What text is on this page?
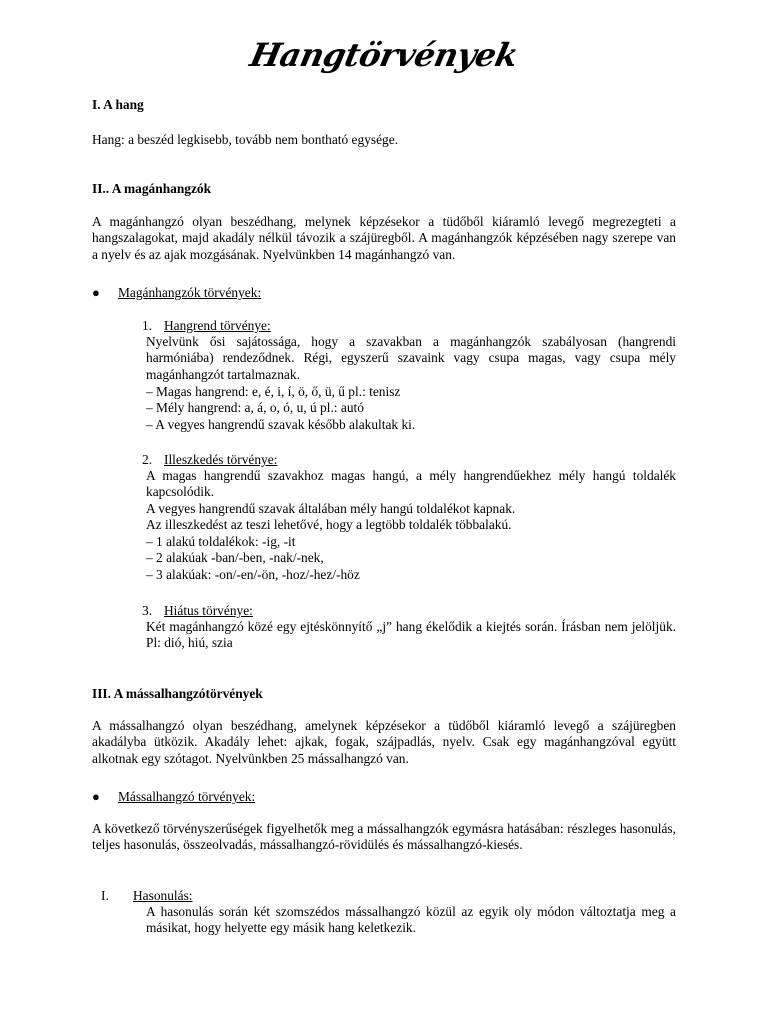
Hangtörvények
I. A hang
Hang: a beszéd legkisebb, tovább nem bontható egysége.
II.. A magánhangzók
A magánhangzó olyan beszédhang, melynek képzésekor a tüdőből kiáramló levegő megrezegteti a hangszalagokat, majd akadály nélkül távozik a szájüregből. A magánhangzók képzésében nagy szerepe van a nyelv és az ajak mozgásának. Nyelvünkben 14 magánhangzó van.
● Magánhangzók törvények:
1. Hangrend törvénye:
Nyelvünk ősi sajátossága, hogy a szavakban a magánhangzók szabályosan (hangrendi harmóniába) rendeződnek. Régi, egyszerű szavaink vagy csupa magas, vagy csupa mély magánhangzót tartalmaznak.
– Magas hangrend: e, é, i, í, ö, ő, ü, ű pl.: tenisz
– Mély hangrend: a, á, o, ó, u, ú pl.: autó
– A vegyes hangrendű szavak később alakultak ki.
2. Illeszkedés törvénye:
A magas hangrendű szavakhoz magas hangú, a mély hangrendűekhez mély hangú toldalék kapcsolódik.
A vegyes hangrendű szavak általában mély hangú toldalékot kapnak.
Az illeszkedést az teszi lehetővé, hogy a legtöbb toldalék többalakú.
– 1 alakú toldalékok: -ig, -it
– 2 alakúak -ban/-ben, -nak/-nek,
– 3 alakúak: -on/-en/-ön, -hoz/-hez/-höz
3. Hiátus törvénye:
Két magánhangzó közé egy ejtéskönnyítő „j” hang ékelődik a kiejtés során. Írásban nem jelöljük. Pl: dió, hiú, szia
III. A mássalhangzótörvények
A mássalhangzó olyan beszédhang, amelynek képzésekor a tüdőből kiáramló levegő a szájüregben akadályba ütközik. Akadály lehet: ajkak, fogak, szájpadlás, nyelv. Csak egy magánhangzóval együtt alkotnak egy szótagot. Nyelvünkben 25 mássalhangzó van.
● Mássalhangzó törvények:
A következő törvényszerűségek figyelhetők meg a mássalhangzók egymásra hatásában: részleges hasonulás, teljes hasonulás, összeolvadás, mássalhangzó-rövidülés és mássalhangzó-kiesés.
I. Hasonulás:
A hasonulás során két szomszédos mássalhangzó közül az egyik oly módon változtatja meg a másikat, hogy helyette egy másik hang keletkezik.
